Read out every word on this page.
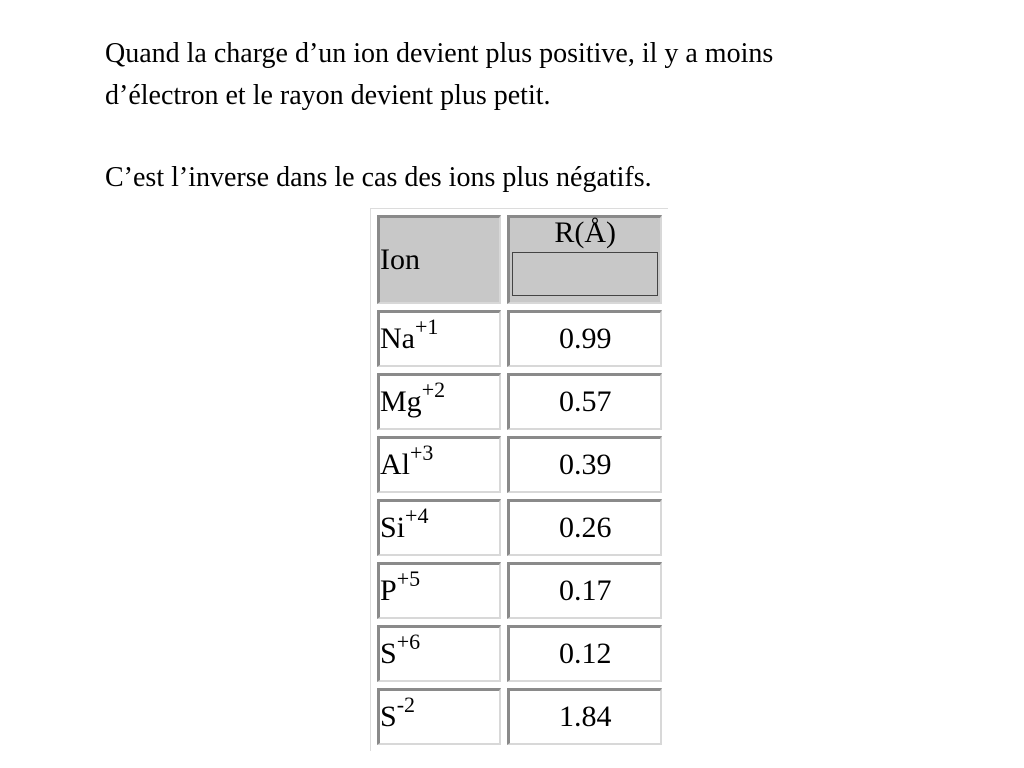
Quand la charge d’un ion devient plus positive, il y a moins
d’électron et le rayon devient plus petit.
C’est l’inverse dans le cas des ions plus négatifs.
Ion	R(Å)

$Na^{+1}$	0.99
$Mg^{+2}$	0.57
$Al^{+3}$	0.39
$Si^{+4}$	0.26
$P^{+5}$	0.17
$S^{+6}$	0.12
$S^{-2}$	1.84
